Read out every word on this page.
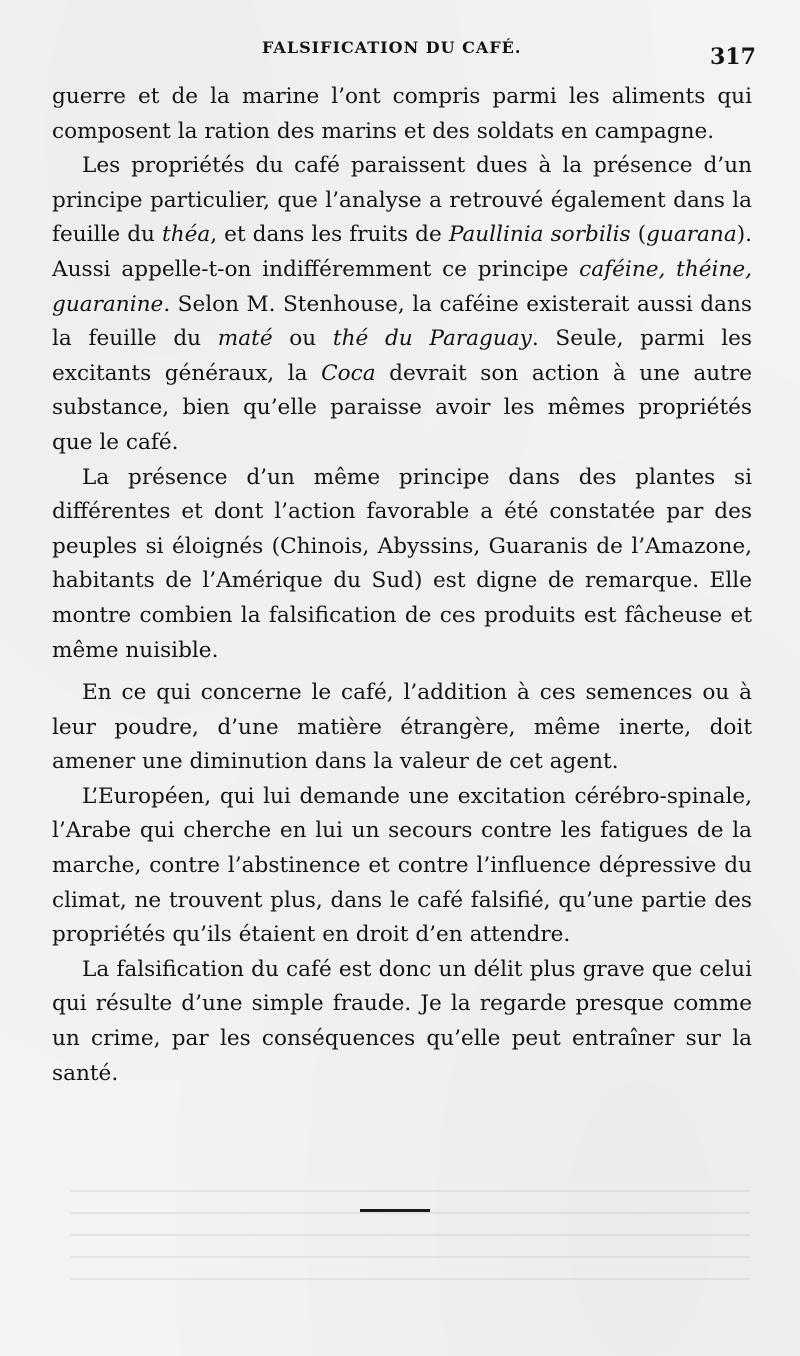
FALSIFICATION DU CAFÉ.	317

guerre et de la marine l’ont compris parmi les aliments qui composent la ration des marins et des soldats en campagne.

Les propriétés du café paraissent dues à la présence d’un principe particulier, que l’analyse a retrouvé également dans la feuille du théa, et dans les fruits de Paullinia sorbilis (guarana). Aussi appelle-t-on indifféremment ce principe caféine, théine, guaranine. Selon M. Stenhouse, la caféine existerait aussi dans la feuille du maté ou thé du Paraguay. Seule, parmi les excitants généraux, la Coca devrait son action à une autre substance, bien qu’elle paraisse avoir les mêmes propriétés que le café.

La présence d’un même principe dans des plantes si différentes et dont l’action favorable a été constatée par des peuples si éloignés (Chinois, Abyssins, Guaranis de l’Amazone, habitants de l’Amérique du Sud) est digne de remarque. Elle montre combien la falsification de ces produits est fâcheuse et même nuisible.

En ce qui concerne le café, l’addition à ces semences ou à leur poudre, d’une matière étrangère, même inerte, doit amener une diminution dans la valeur de cet agent.

L’Européen, qui lui demande une excitation cérébro-spinale, l’Arabe qui cherche en lui un secours contre les fatigues de la marche, contre l’abstinence et contre l’influence dépressive du climat, ne trouvent plus, dans le café falsifié, qu’une partie des propriétés qu’ils étaient en droit d’en attendre.

La falsification du café est donc un délit plus grave que celui qui résulte d’une simple fraude. Je la regarde presque comme un crime, par les conséquences qu’elle peut entraîner sur la santé.
